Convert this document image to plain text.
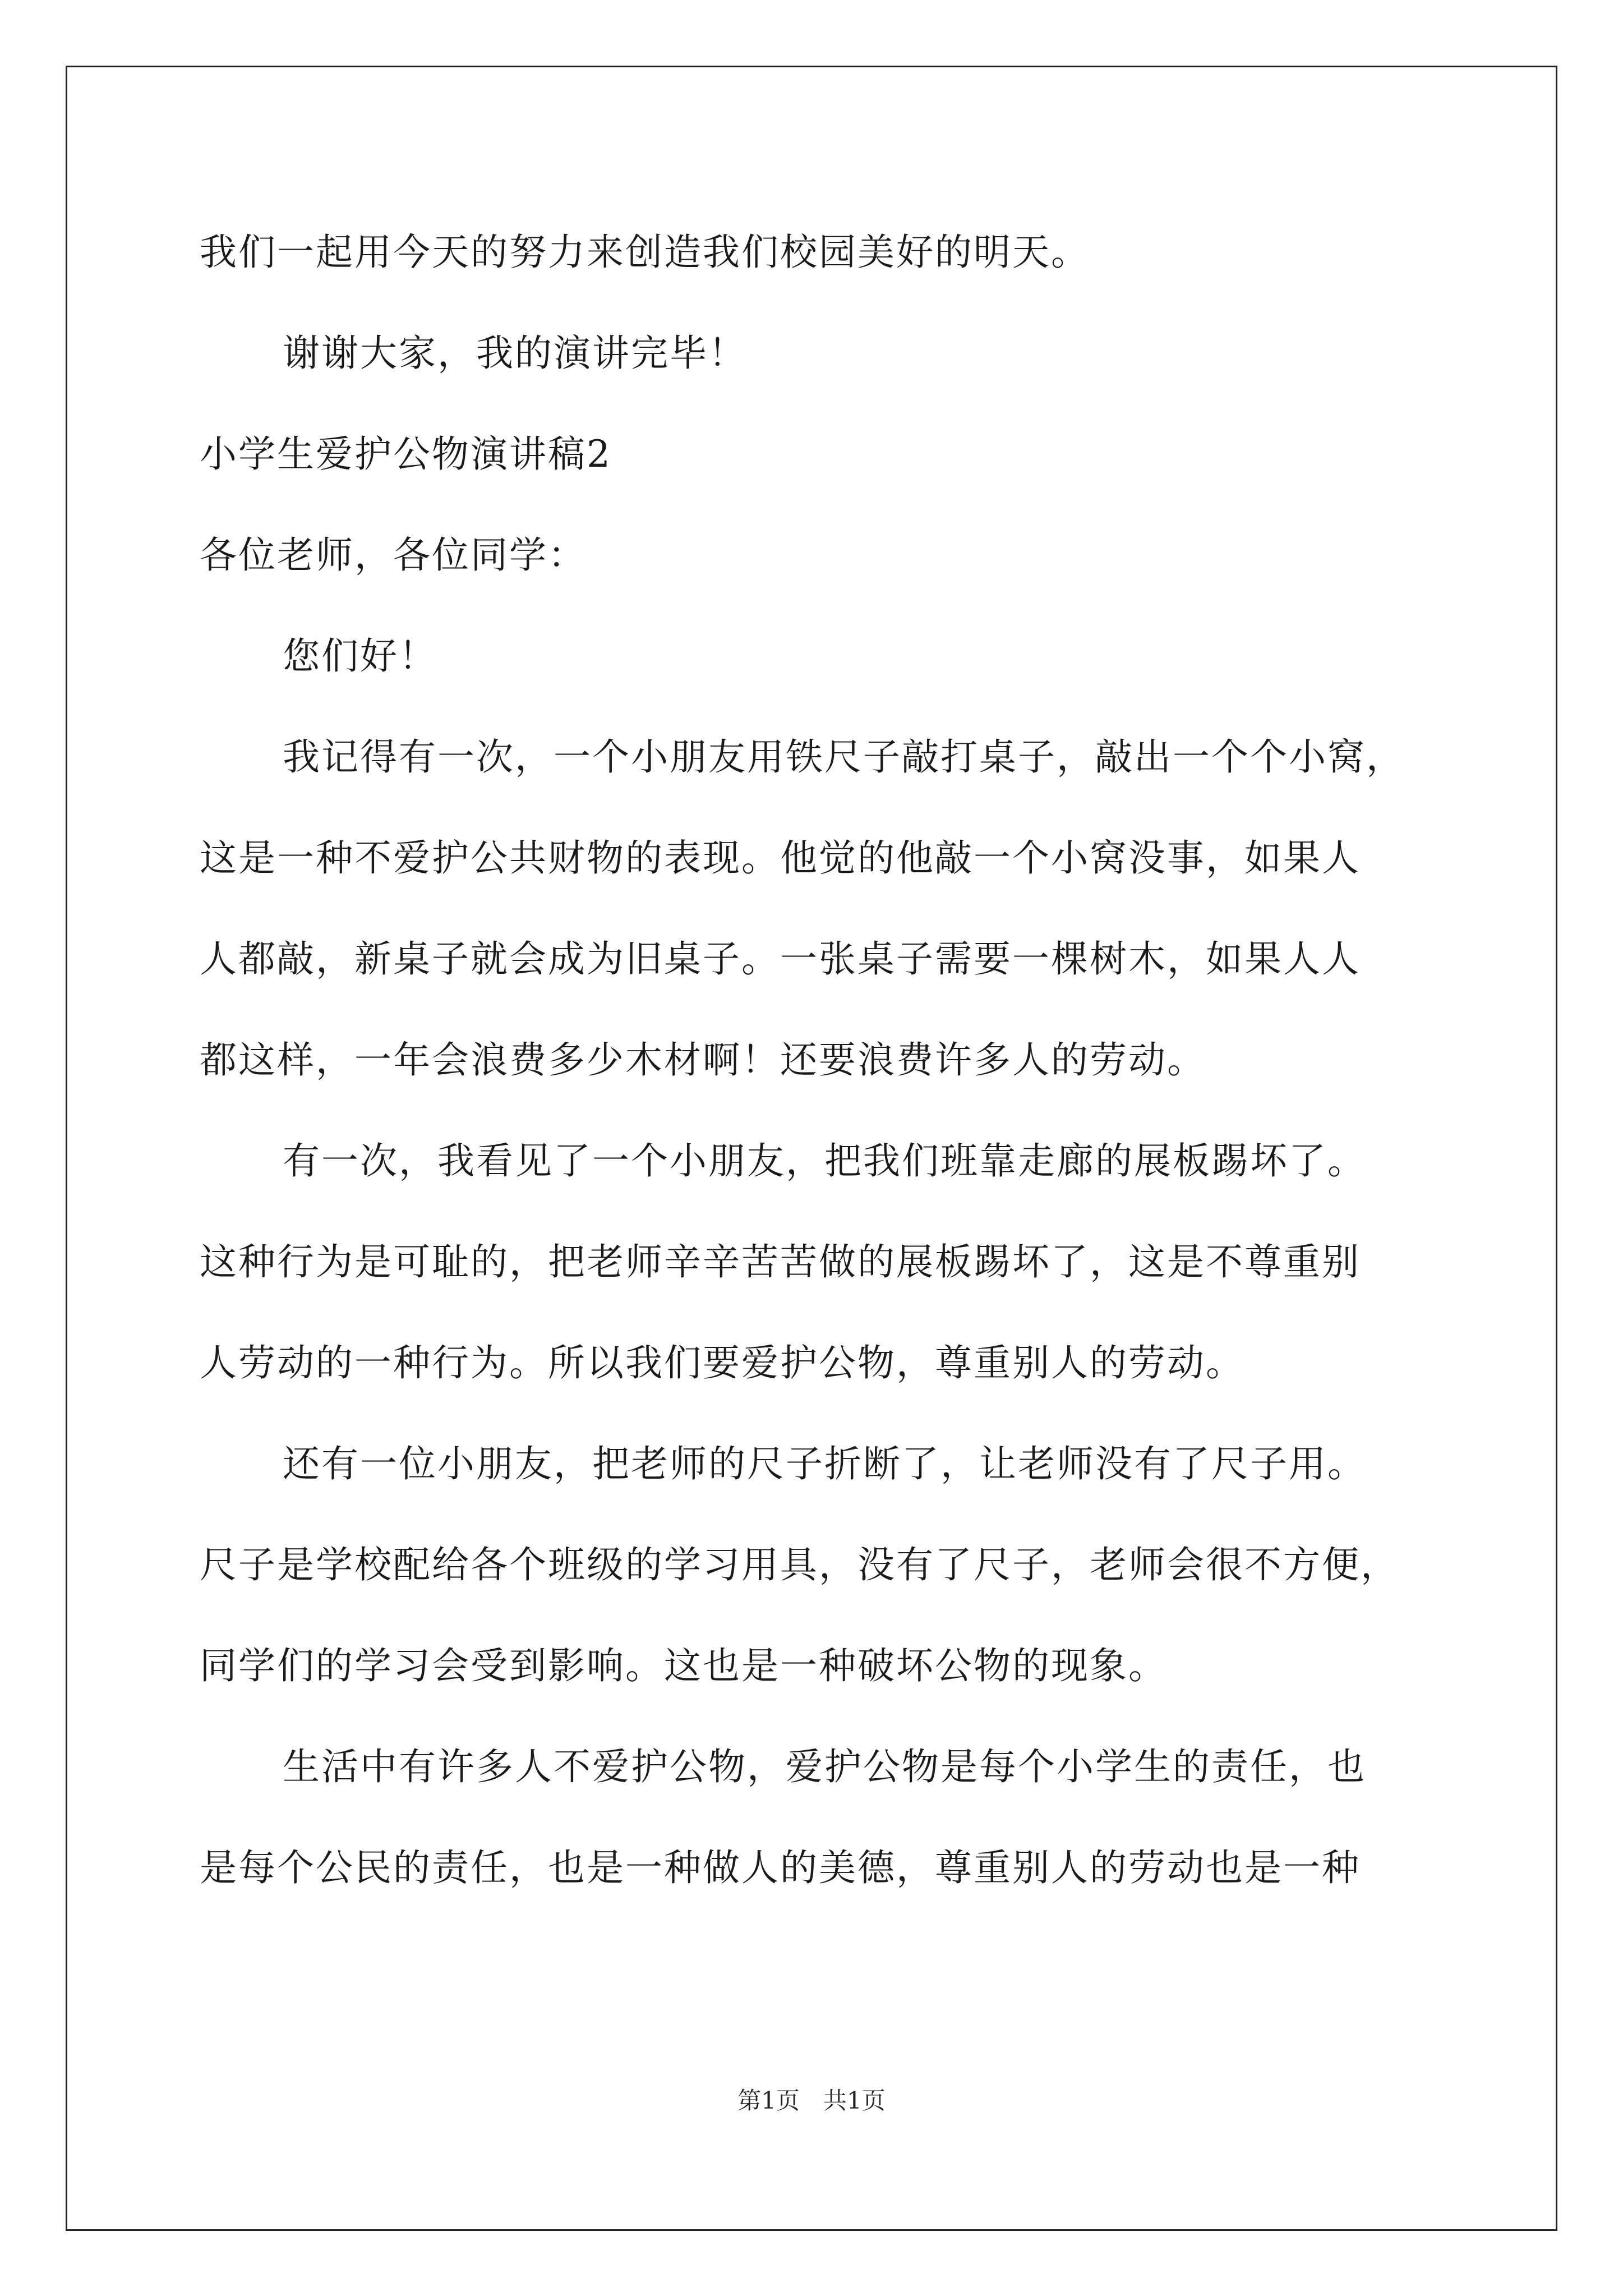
我们一起用今天的努力来创造我们校园美好的明天。
谢谢大家，我的演讲完毕！
小学生爱护公物演讲稿2
各位老师，各位同学：
您们好！
我记得有一次，一个小朋友用铁尺子敲打桌子，敲出一个个小窝，
这是一种不爱护公共财物的表现。他觉的他敲一个小窝没事，如果人
人都敲，新桌子就会成为旧桌子。一张桌子需要一棵树木，如果人人
都这样，一年会浪费多少木材啊！还要浪费许多人的劳动。
有一次，我看见了一个小朋友，把我们班靠走廊的展板踢坏了。
这种行为是可耻的，把老师辛辛苦苦做的展板踢坏了，这是不尊重别
人劳动的一种行为。所以我们要爱护公物，尊重别人的劳动。
还有一位小朋友，把老师的尺子折断了，让老师没有了尺子用。
尺子是学校配给各个班级的学习用具，没有了尺子，老师会很不方便，
同学们的学习会受到影响。这也是一种破坏公物的现象。
生活中有许多人不爱护公物，爱护公物是每个小学生的责任，也
是每个公民的责任，也是一种做人的美德，尊重别人的劳动也是一种
第1页　共1页
